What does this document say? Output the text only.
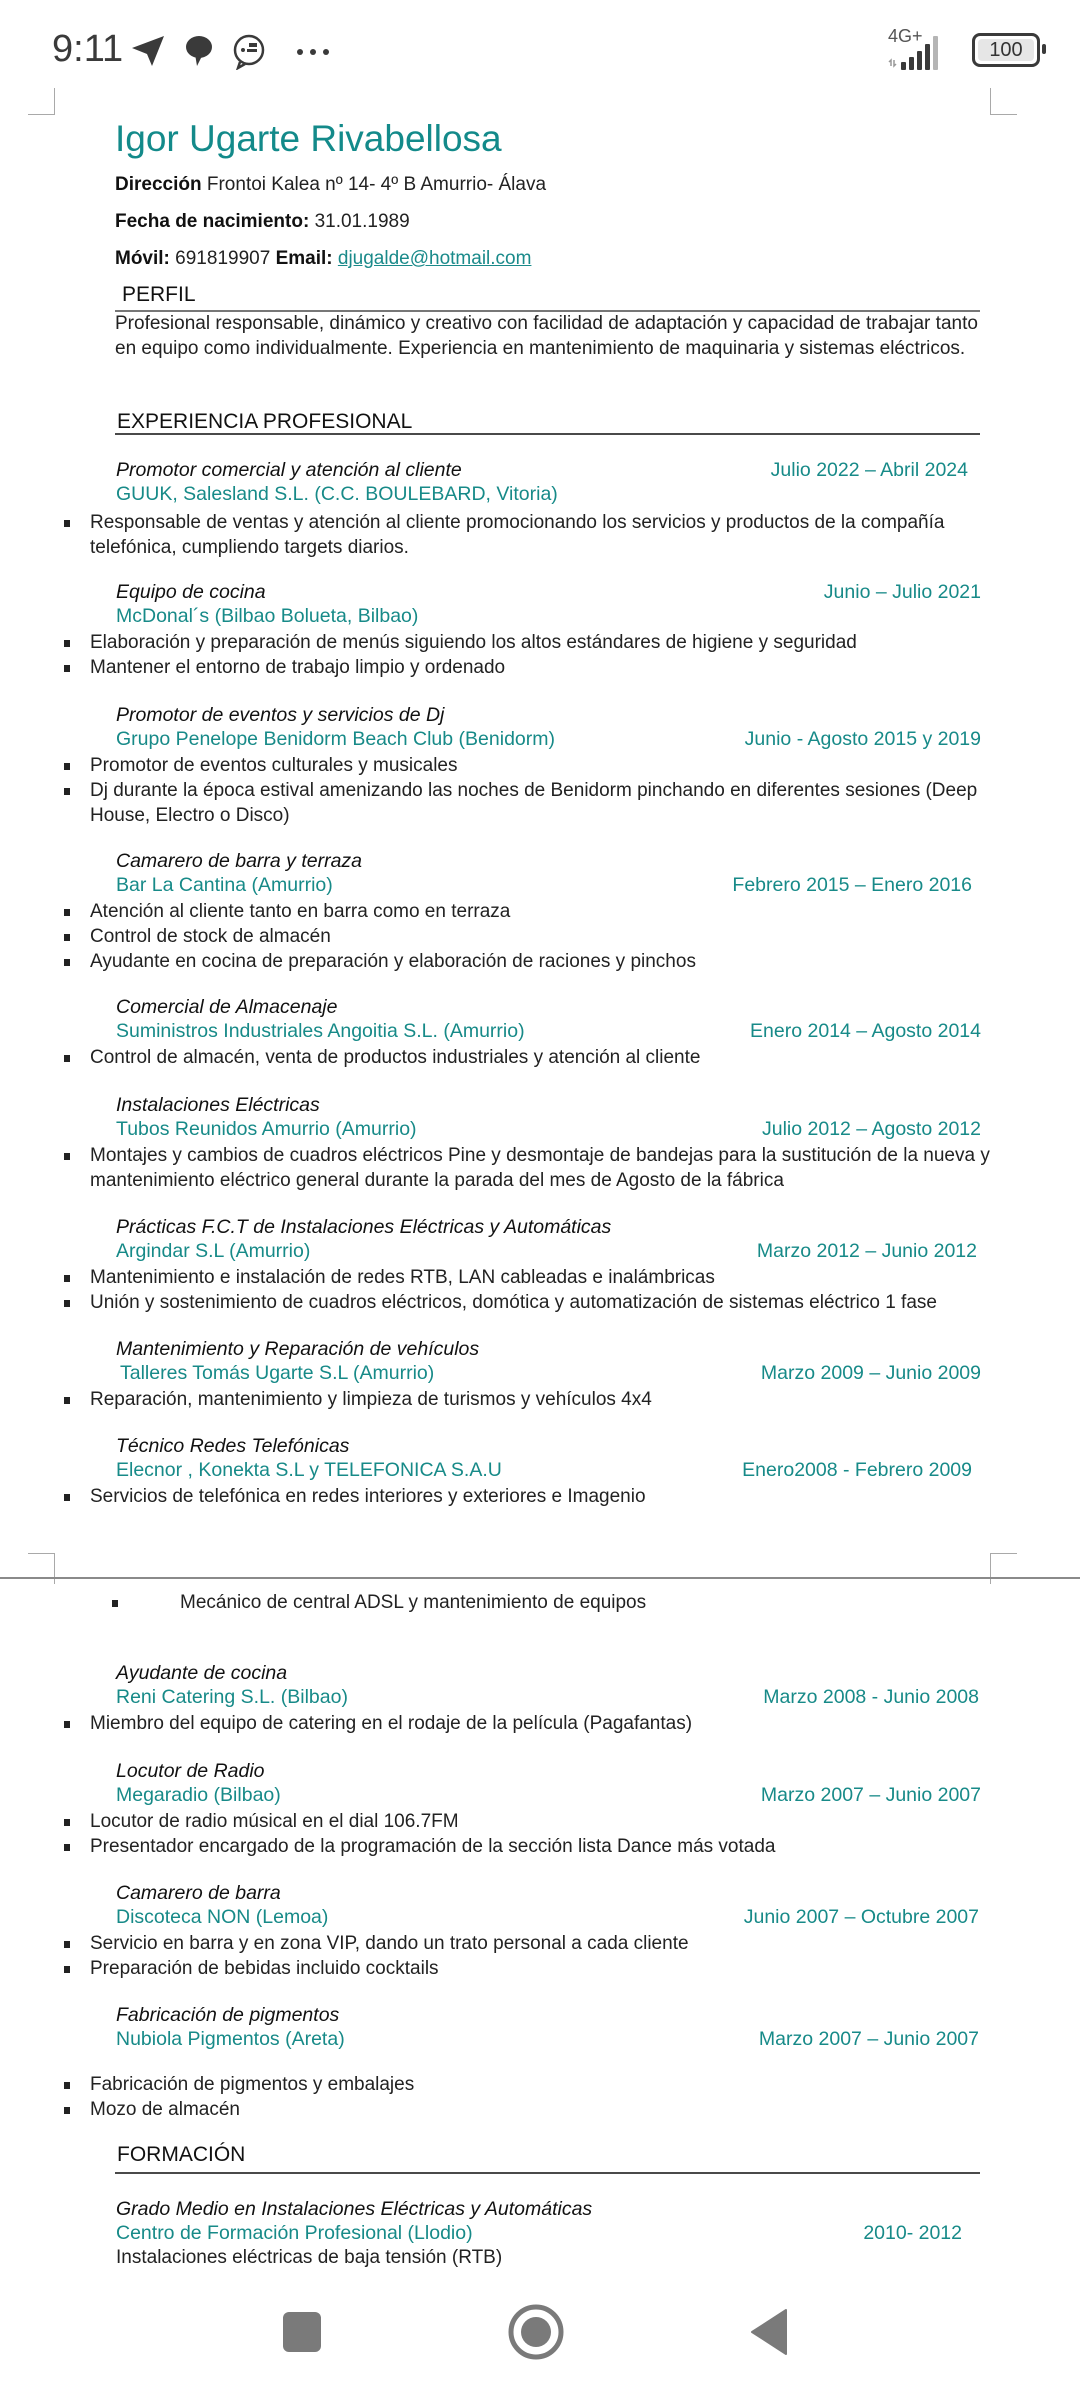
9:11	4G+
100
Igor Ugarte Rivabellosa
Dirección Frontoi Kalea nº 14- 4º B Amurrio- Álava
Fecha de nacimiento: 31.01.1989
Móvil: 691819907 Email: djugalde@hotmail.com
PERFIL
Profesional responsable, dinámico y creativo con facilidad de adaptación y capacidad de trabajar tanto en equipo como individualmente. Experiencia en mantenimiento de maquinaria y sistemas eléctricos.
EXPERIENCIA PROFESIONAL
Promotor comercial y atención al cliente
GUUK, Salesland S.L. (C.C. BOULEBARD, Vitoria)
Julio 2022 – Abril 2024
Responsable de ventas y atención al cliente promocionando los servicios y productos de la compañía telefónica, cumpliendo targets diarios.
Equipo de cocina
McDonal´s (Bilbao Bolueta, Bilbao)
Junio – Julio 2021
Elaboración y preparación de menús siguiendo los altos estándares de higiene y seguridad
Mantener el entorno de trabajo limpio y ordenado
Promotor de eventos y servicios de Dj
Grupo Penelope Benidorm Beach Club (Benidorm)	Junio - Agosto 2015 y 2019
Promotor de eventos culturales y musicales
Dj durante la época estival amenizando las noches de Benidorm pinchando en diferentes sesiones (Deep House, Electro o Disco)
Camarero de barra y terraza
Bar La Cantina (Amurrio)	Febrero 2015 – Enero 2016
Atención al cliente tanto en barra como en terraza
Control de stock de almacén
Ayudante en cocina de preparación y elaboración de raciones y pinchos
Comercial de Almacenaje
Suministros Industriales Angoitia S.L. (Amurrio)	Enero 2014 – Agosto 2014
Control de almacén, venta de productos industriales y atención al cliente
Instalaciones Eléctricas
Tubos Reunidos Amurrio (Amurrio)	Julio 2012 – Agosto 2012
Montajes y cambios de cuadros eléctricos Pine y desmontaje de bandejas para la sustitución de la nueva y mantenimiento eléctrico general durante la parada del mes de Agosto de la fábrica
Prácticas F.C.T de Instalaciones Eléctricas y Automáticas
Argindar S.L (Amurrio)	Marzo 2012 – Junio 2012
Mantenimiento e instalación de redes RTB, LAN cableadas e inalámbricas
Unión y sostenimiento de cuadros eléctricos, domótica y automatización de sistemas eléctrico 1 fase
Mantenimiento y Reparación de vehículos
Talleres Tomás Ugarte S.L (Amurrio)	Marzo 2009 – Junio 2009
Reparación, mantenimiento y limpieza de turismos y vehículos 4x4
Técnico Redes Telefónicas
Elecnor , Konekta S.L y TELEFONICA S.A.U	Enero2008 - Febrero 2009
Servicios de telefónica en redes interiores y exteriores e Imagenio
Mecánico de central ADSL y mantenimiento de equipos
Ayudante de cocina
Reni Catering S.L. (Bilbao)	Marzo 2008 - Junio 2008
Miembro del equipo de catering en el rodaje de la película (Pagafantas)
Locutor de Radio
Megaradio (Bilbao)	Marzo 2007 – Junio 2007
Locutor de radio músical en el dial 106.7FM
Presentador encargado de la programación de la sección lista Dance más votada
Camarero de barra
Discoteca NON (Lemoa)	Junio 2007 – Octubre 2007
Servicio en barra y en zona VIP, dando un trato personal a cada cliente
Preparación de bebidas incluido cocktails
Fabricación de pigmentos
Nubiola Pigmentos (Areta)	Marzo 2007 – Junio 2007
Fabricación de pigmentos y embalajes
Mozo de almacén
FORMACIÓN
Grado Medio en Instalaciones Eléctricas y Automáticas
Centro de Formación Profesional (Llodio)	2010- 2012
Instalaciones eléctricas de baja tensión (RTB)
